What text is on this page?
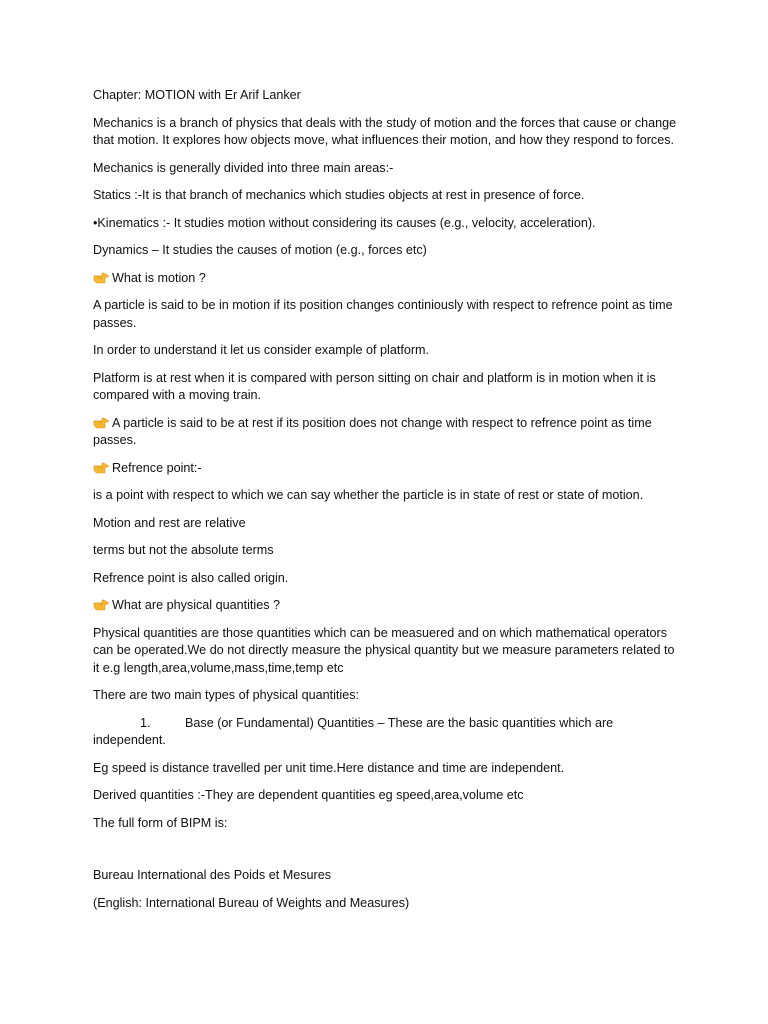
Chapter: MOTION with Er Arif Lanker

Mechanics is a branch of physics that deals with the study of motion and the forces that cause or change that motion. It explores how objects move, what influences their motion, and how they respond to forces.

Mechanics is generally divided into three main areas:-

Statics :-It is that branch of mechanics which studies objects at rest in presence of force.

•Kinematics :- It studies motion without considering its causes (e.g., velocity, acceleration).

Dynamics – It studies the causes of motion (e.g., forces etc)

What is motion ?

A particle is said to be in motion if its position changes continiously with respect to refrence point as time passes.

In order to understand it let us consider example of platform.

Platform is at rest when it is compared with person sitting on chair and platform is in motion when it is compared with a moving train.

A particle is said to be at rest if its position does not change with respect to refrence point as time passes.

Refrence point:-

is a point with respect to which we can say whether the particle is in state of rest or state of motion.

Motion and rest are relative

terms but not the absolute terms

Refrence point is also called origin.

What are physical quantities ?

Physical quantities are those quantities which can be measuered and on which mathematical operators can be operated.We do not directly measure the physical quantity but we measure parameters related to it e.g length,area,volume,mass,time,temp etc

There are two main types of physical quantities:

1.	Base (or Fundamental) Quantities – These are the basic quantities which are independent.

Eg speed is distance travelled per unit time.Here distance and time are independent.

Derived quantities :-They are dependent quantities eg speed,area,volume etc

The full form of BIPM is:

Bureau International des Poids et Mesures

(English: International Bureau of Weights and Measures)
